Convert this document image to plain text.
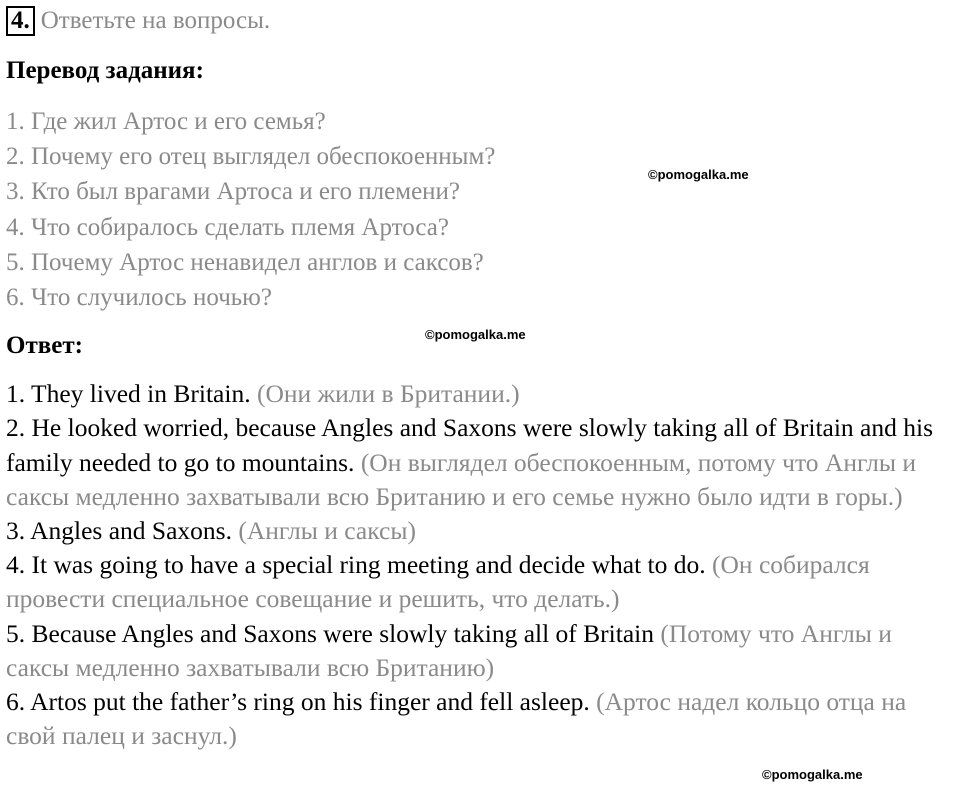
4. Ответьте на вопросы.
Перевод задания:
1. Где жил Артос и его семья?
2. Почему его отец выглядел обеспокоенным?
3. Кто был врагами Артоса и его племени?
4. Что собиралось сделать племя Артоса?
5. Почему Артос ненавидел англов и саксов?
6. Что случилось ночью?
Ответ:
1. They lived in Britain. (Они жили в Британии.)
2. He looked worried, because Angles and Saxons were slowly taking all of Britain and his family needed to go to mountains. (Он выглядел обеспокоенным, потому что Англы и саксы медленно захватывали всю Британию и его семье нужно было идти в горы.)
3. Angles and Saxons. (Англы и саксы)
4. It was going to have a special ring meeting and decide what to do. (Он собирался провести специальное совещание и решить, что делать.)
5. Because Angles and Saxons were slowly taking all of Britain (Потому что Англы и саксы медленно захватывали всю Британию)
6. Artos put the father’s ring on his finger and fell asleep. (Артос надел кольцо отца на свой палец и заснул.)
©pomogalka.me
©pomogalka.me
©pomogalka.me
